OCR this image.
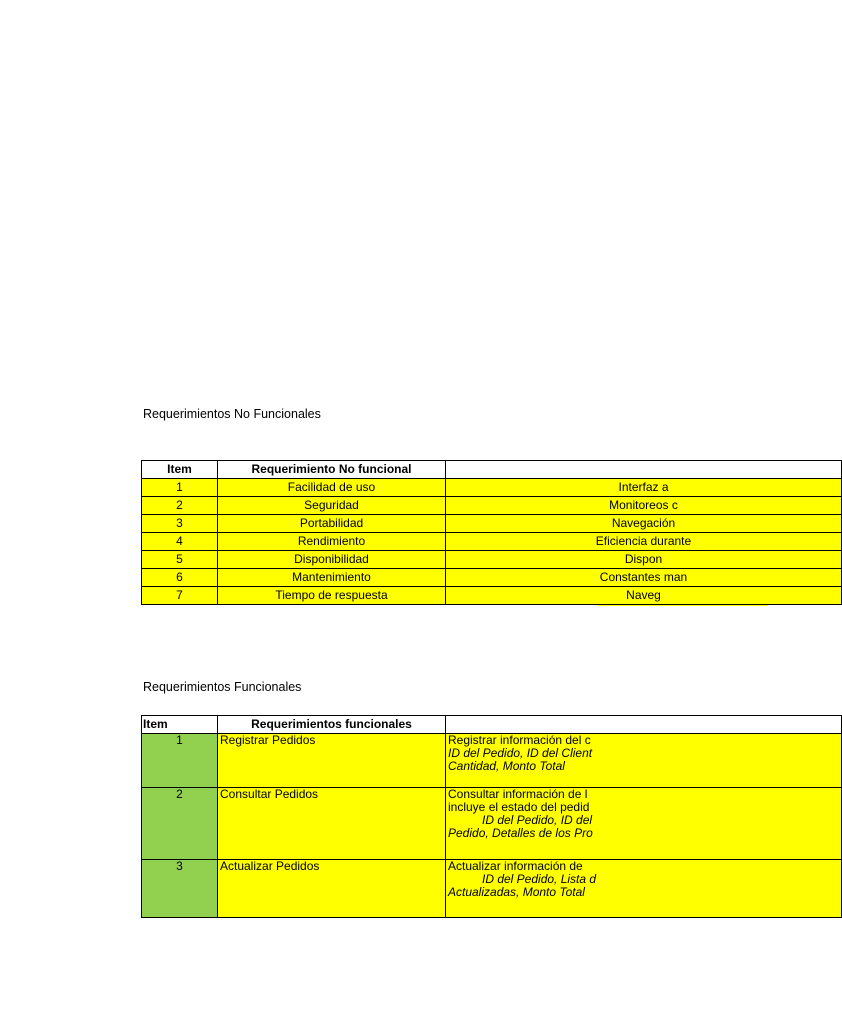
Requerimientos No Funcionales
Item	Requerimiento No funcional	
1	Facilidad de uso	Interfaz a
2	Seguridad	Monitoreos c
3	Portabilidad	Navegación
4	Rendimiento	Eficiencia durante
5	Disponibilidad	Dispon
6	Mantenimiento	Constantes man
7	Tiempo de respuesta	Naveg
Requerimientos Funcionales
Item	Requerimientos funcionales	
1	Registrar Pedidos	Registrar información del c
ID del Pedido, ID del Client
Cantidad, Monto Total

2	Consultar Pedidos	Consultar información de l
incluye el estado del pedid
ID del Pedido, ID del
Pedido, Detalles de los Pro

3	Actualizar Pedidos	Actualizar información de
ID del Pedido, Lista d
Actualizadas, Monto Total
